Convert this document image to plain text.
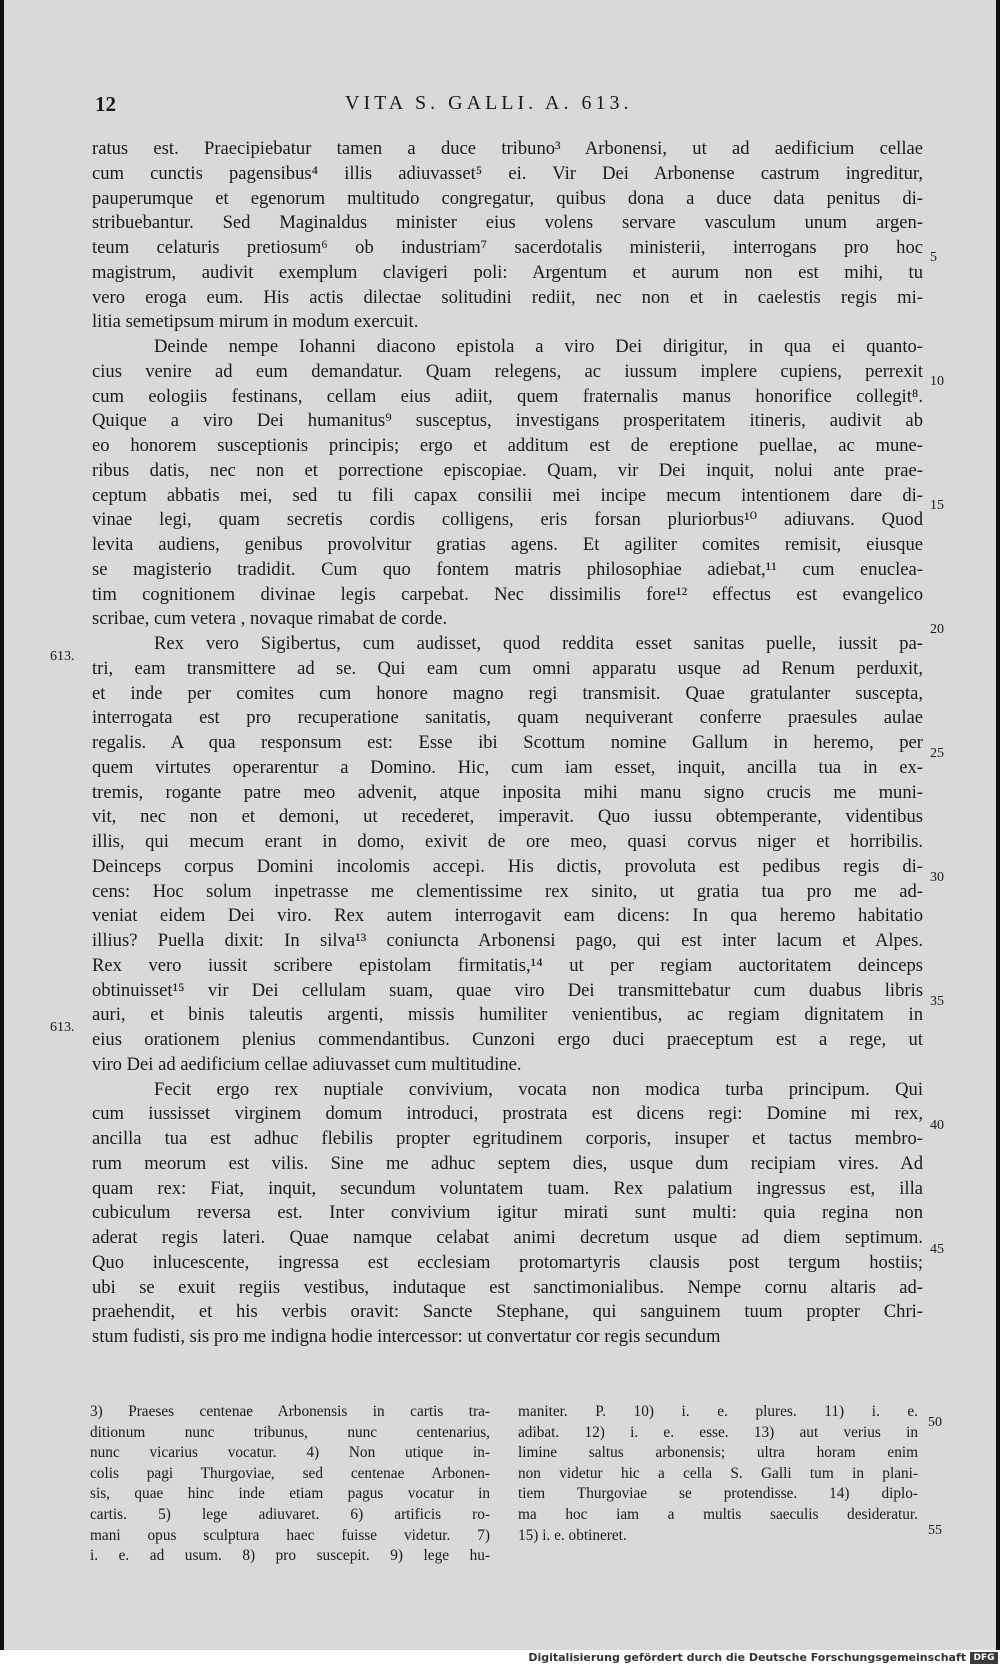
12	VITA S. GALLI. A. 613.
ratus est. Praecipiebatur tamen a duce tribuno³ Arbonensi, ut ad aedificium cellae
cum cunctis pagensibus⁴ illis adiuvasset⁵ ei. Vir Dei Arbonense castrum ingreditur,
pauperumque et egenorum multitudo congregatur, quibus dona a duce data penitus di-
stribuebantur. Sed Maginaldus minister eius volens servare vasculum unum argen-
teum celaturis pretiosum⁶ ob industriam⁷ sacerdotalis ministerii, interrogans pro hoc
magistrum, audivit exemplum clavigeri poli: Argentum et aurum non est mihi, tu
vero eroga eum. His actis dilectae solitudini rediit, nec non et in caelestis regis mi-
litia semetipsum mirum in modum exercuit.
Deinde nempe Iohanni diacono epistola a viro Dei dirigitur, in qua ei quanto-
cius venire ad eum demandatur. Quam relegens, ac iussum implere cupiens, perrexit
cum eologiis festinans, cellam eius adiit, quem fraternalis manus honorifice collegit⁸.
Quique a viro Dei humanitus⁹ susceptus, investigans prosperitatem itineris, audivit ab
eo honorem susceptionis principis; ergo et additum est de ereptione puellae, ac mune-
ribus datis, nec non et porrectione episcopiae. Quam, vir Dei inquit, nolui ante prae-
ceptum abbatis mei, sed tu fili capax consilii mei incipe mecum intentionem dare di-
vinae legi, quam secretis cordis colligens, eris forsan pluriorbus¹⁰ adiuvans. Quod
levita audiens, genibus provolvitur gratias agens. Et agiliter comites remisit, eiusque
se magisterio tradidit. Cum quo fontem matris philosophiae adiebat,¹¹ cum enuclea-
tim cognitionem divinae legis carpebat. Nec dissimilis fore¹² effectus est evangelico
scribae, cum vetera , novaque rimabat de corde.
Rex vero Sigibertus, cum audisset, quod reddita esset sanitas puelle, iussit pa-
tri, eam transmittere ad se. Qui eam cum omni apparatu usque ad Renum perduxit,
et inde per comites cum honore magno regi transmisit. Quae gratulanter suscepta,
interrogata est pro recuperatione sanitatis, quam nequiverant conferre praesules aulae
regalis. A qua responsum est: Esse ibi Scottum nomine Gallum in heremo, per
quem virtutes operarentur a Domino. Hic, cum iam esset, inquit, ancilla tua in ex-
tremis, rogante patre meo advenit, atque inposita mihi manu signo crucis me muni-
vit, nec non et demoni, ut recederet, imperavit. Quo iussu obtemperante, videntibus
illis, qui mecum erant in domo, exivit de ore meo, quasi corvus niger et horribilis.
Deinceps corpus Domini incolomis accepi. His dictis, provoluta est pedibus regis di-
cens: Hoc solum inpetrasse me clementissime rex sinito, ut gratia tua pro me ad-
veniat eidem Dei viro. Rex autem interrogavit eam dicens: In qua heremo habitatio
illius? Puella dixit: In silva¹³ coniuncta Arbonensi pago, qui est inter lacum et Alpes.
Rex vero iussit scribere epistolam firmitatis,¹⁴ ut per regiam auctoritatem deinceps
obtinuisset¹⁵ vir Dei cellulam suam, quae viro Dei transmittebatur cum duabus libris
auri, et binis taleutis argenti, missis humiliter venientibus, ac regiam dignitatem in
eius orationem plenius commendantibus. Cunzoni ergo duci praeceptum est a rege, ut
viro Dei ad aedificium cellae adiuvasset cum multitudine.
Fecit ergo rex nuptiale convivium, vocata non modica turba principum. Qui
cum iussisset virginem domum introduci, prostrata est dicens regi: Domine mi rex,
ancilla tua est adhuc flebilis propter egritudinem corporis, insuper et tactus membro-
rum meorum est vilis. Sine me adhuc septem dies, usque dum recipiam vires. Ad
quam rex: Fiat, inquit, secundum voluntatem tuam. Rex palatium ingressus est, illa
cubiculum reversa est. Inter convivium igitur mirati sunt multi: quia regina non
aderat regis lateri. Quae namque celabat animi decretum usque ad diem septimum.
Quo inlucescente, ingressa est ecclesiam protomartyris clausis post tergum hostiis;
ubi se exuit regiis vestibus, indutaque est sanctimonialibus. Nempe cornu altaris ad-
praehendit, et his verbis oravit: Sancte Stephane, qui sanguinem tuum propter Chri-
stum fudisti, sis pro me indigna hodie intercessor: ut convertatur cor regis secundum
5
10
15
20
25
30
35
40
45
613.
613.
3) Praeses centenae Arbonensis in cartis tra-
ditionum nunc tribunus, nunc centenarius,
nunc vicarius vocatur. 4) Non utique in-
colis pagi Thurgoviae, sed centenae Arbonen-
sis, quae hinc inde etiam pagus vocatur in
cartis. 5) lege adiuvaret. 6) artificis ro-
mani opus sculptura haec fuisse videtur. 7)
i. e. ad usum. 8) pro suscepit. 9) lege hu-
maniter. P. 10) i. e. plures. 11) i. e.
adibat. 12) i. e. esse. 13) aut verius in
limine saltus arbonensis; ultra horam enim
non videtur hic a cella S. Galli tum in plani-
tiem Thurgoviae se protendisse. 14) diplo-
ma hoc iam a multis saeculis desideratur.
15) i. e. obtineret.
50
55
Digitalisierung gefördert durch die Deutsche Forschungsgemeinschaft DFG
